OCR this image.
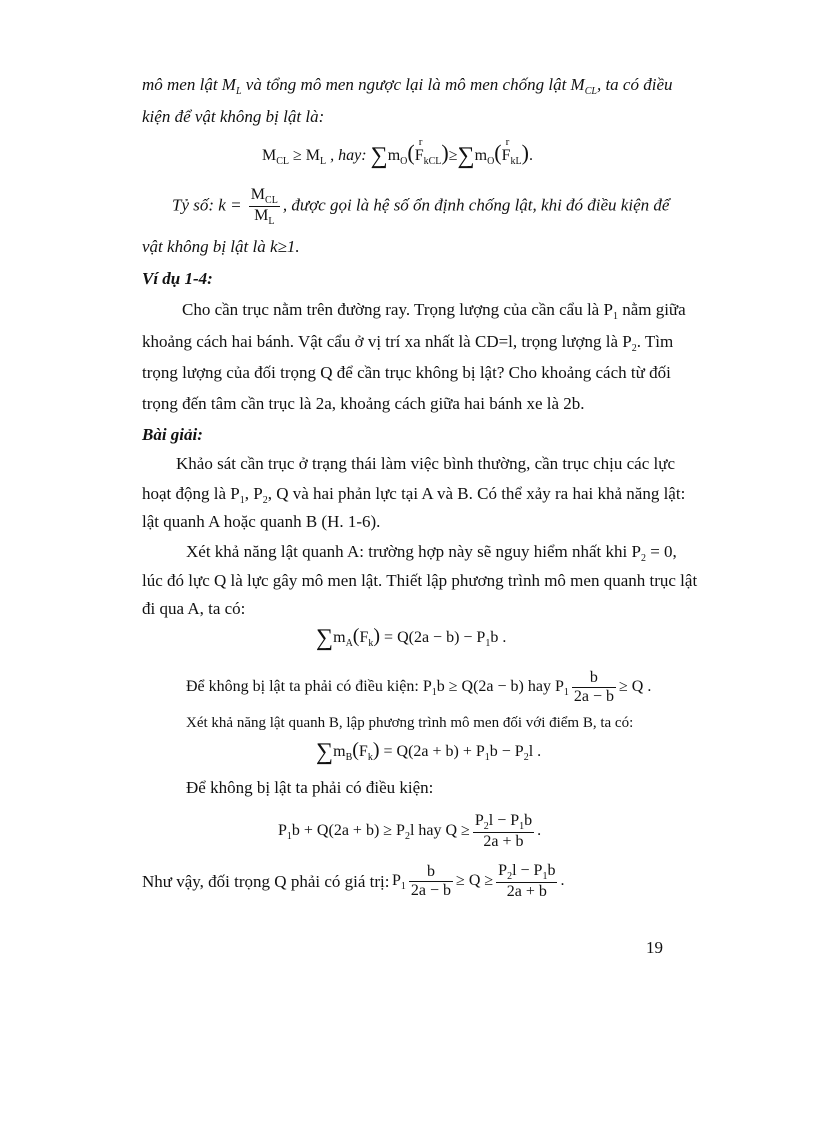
mô men lật $M_L$ và tổng mô men ngược lại là mô men chống lật $M_{CL}$, ta có điều
kiện để vật không bị lật là:
$M_{CL} \ge M_L$ , hay: $\sum m_O$( r
$F_{kCL})\ge\sum m_O$( r
$F_{kL}$).
Tỷ số: $k = \frac{M_{CL}}{M_L}$ , được gọi là hệ số ổn định chống lật, khi đó điều kiện để
vật không bị lật là k≥1.
Ví dụ 1-4:
Cho cần trục nằm trên đường ray. Trọng lượng của cần cẩu là $P_1$ nằm giữa
khoảng cách hai bánh. Vật cẩu ở vị trí xa nhất là CD=l, trọng lượng là $P_2$. Tìm
trọng lượng của đối trọng Q để cần trục không bị lật? Cho khoảng cách từ đối
trọng đến tâm cần trục là 2a, khoảng cách giữa hai bánh xe là 2b.
Bài giải:
Khảo sát cần trục ở trạng thái làm việc bình thường, cần trục chịu các lực
hoạt động là $P_1$, $P_2$, Q và hai phản lực tại A và B. Có thể xảy ra hai khả năng lật:
lật quanh A hoặc quanh B (H. 1-6).
Xét khả năng lật quanh A: trường hợp này sẽ nguy hiểm nhất khi $P_2 = 0$,
lúc đó lực Q là lực gây mô men lật. Thiết lập phương trình mô men quanh trục lật
đi qua A, ta có:
$\sum m_A(F_k) = Q(2a - b) - P_1b$ .
Để không bị lật ta phải có điều kiện: $P_1b \ge Q(2a - b)$ hay $P_1 \frac{b}{2a - b} \ge Q$ .
Xét khả năng lật quanh B, lập phương trình mô men đối với điểm B, ta có:
$\sum m_B(F_k) = Q(2a + b) + P_1b - P_2l$ .
Để không bị lật ta phải có điều kiện:
$P_1b + Q(2a + b) \ge P_2l$ hay $Q \ge \frac{P_2l - P_1b}{2a + b}$ .
Như vậy, đối trọng Q phải có giá trị: $P_1 \frac{b}{2a - b} \ge Q \ge \frac{P_2l - P_1b}{2a + b}$ .
19
